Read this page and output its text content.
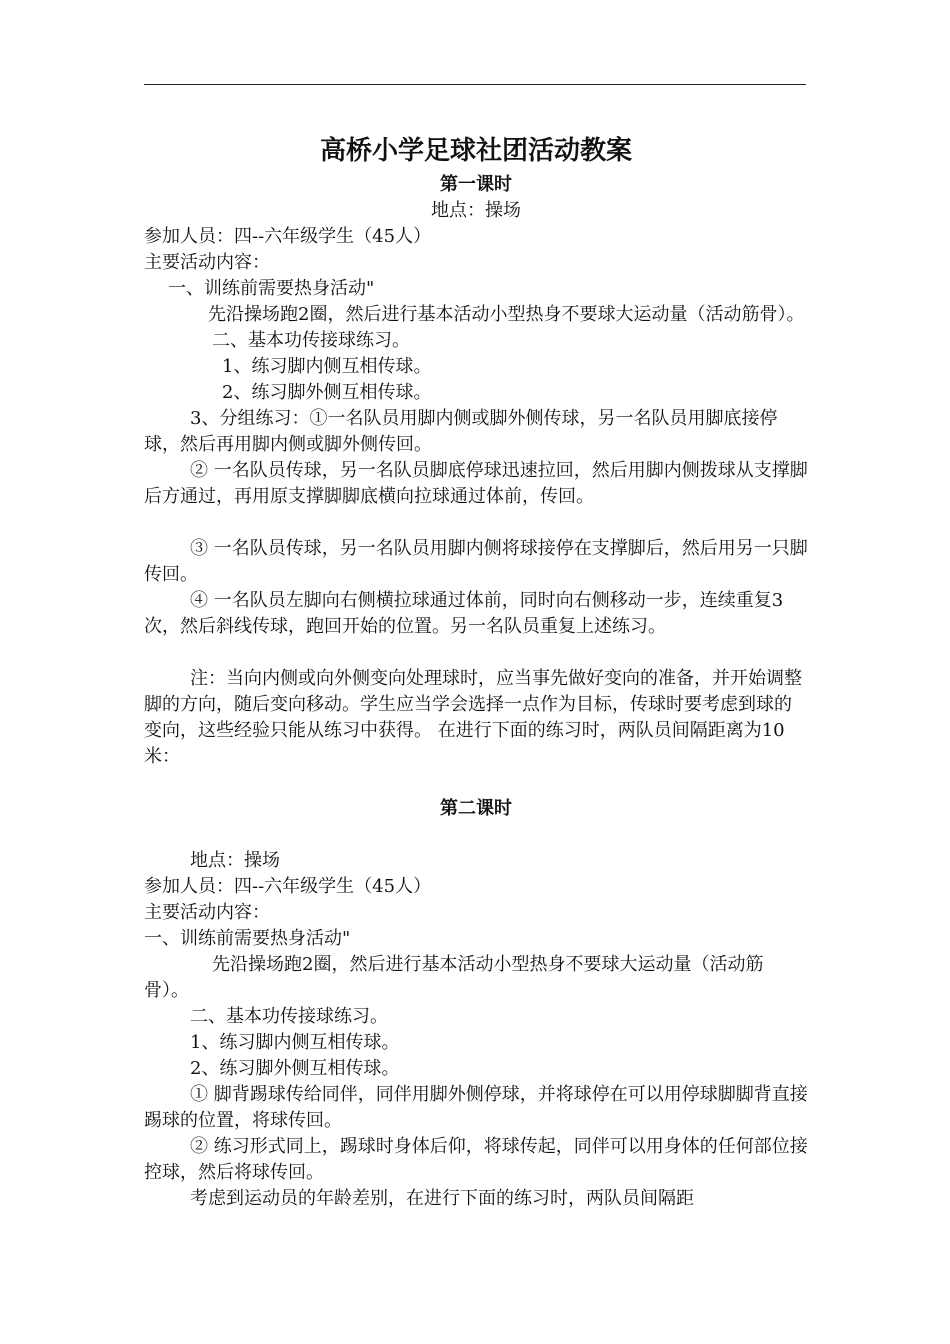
高桥小学足球社团活动教案
第一课时

地点：操场

参加人员：四--六年级学生（45人）

主要活动内容：

一、训练前需要热身活动"

先沿操场跑2圈，然后进行基本活动小型热身不要球大运动量（活动筋骨）。

二、基本功传接球练习。

1、练习脚内侧互相传球。

2、练习脚外侧互相传球。

3、分组练习：①一名队员用脚内侧或脚外侧传球，另一名队员用脚底接停球，然后再用脚内侧或脚外侧传回。

② 一名队员传球，另一名队员脚底停球迅速拉回，然后用脚内侧拨球从支撑脚后方通过，再用原支撑脚脚底横向拉球通过体前，传回。

③ 一名队员传球，另一名队员用脚内侧将球接停在支撑脚后，然后用另一只脚传回。

④ 一名队员左脚向右侧横拉球通过体前，同时向右侧移动一步，连续重复3次，然后斜线传球，跑回开始的位置。另一名队员重复上述练习。

注：当向内侧或向外侧变向处理球时，应当事先做好变向的准备，并开始调整脚的方向，随后变向移动。学生应当学会选择一点作为目标，传球时要考虑到球的变向，这些经验只能从练习中获得。 在进行下面的练习时，两队员间隔距离为10米：

第二课时

地点：操场

参加人员：四--六年级学生（45人）

主要活动内容：

一、训练前需要热身活动"

先沿操场跑2圈，然后进行基本活动小型热身不要球大运动量（活动筋骨）。

二、基本功传接球练习。

1、练习脚内侧互相传球。

2、练习脚外侧互相传球。

① 脚背踢球传给同伴，同伴用脚外侧停球，并将球停在可以用停球脚脚背直接踢球的位置，将球传回。

② 练习形式同上，踢球时身体后仰，将球传起，同伴可以用身体的任何部位接控球，然后将球传回。

考虑到运动员的年龄差别，在进行下面的练习时，两队员间隔距
